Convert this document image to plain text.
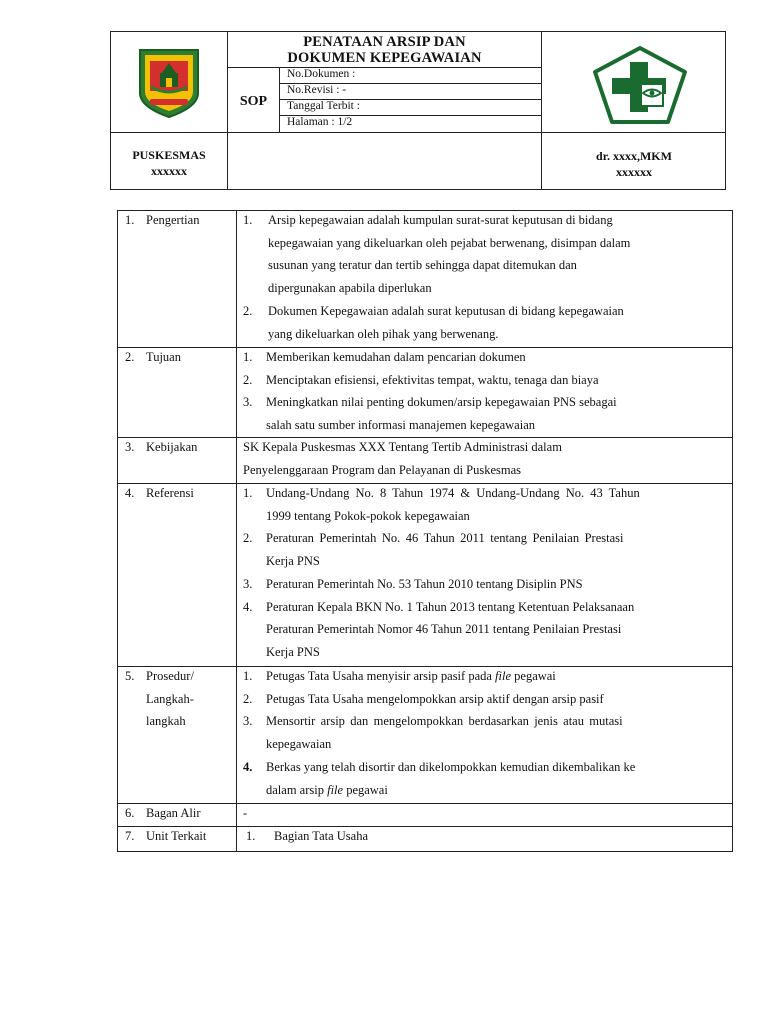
PENATAAN ARSIP DAN
DOKUMEN KEPEGAWAIAN
SOP
No.Dokumen :
No.Revisi : -
Tanggal Terbit :
Halaman : 1/2
PUSKESMAS
xxxxxx
dr. xxxx,MKM
xxxxxx
1. Pengertian	1.	Arsip kepegawaian adalah kumpulan surat-surat keputusan di bidang
kepegawaian yang dikeluarkan oleh pejabat berwenang, disimpan dalam
susunan yang teratur dan tertib sehingga dapat ditemukan dan
dipergunakan apabila diperlukan
2.	Dokumen Kepegawaian adalah surat keputusan di bidang kepegawaian
yang dikeluarkan oleh pihak yang berwenang.
2. Tujuan	1.	Memberikan kemudahan dalam pencarian dokumen
2.	Menciptakan efisiensi, efektivitas tempat, waktu, tenaga dan biaya
3.	Meningkatkan nilai penting dokumen/arsip kepegawaian PNS sebagai
salah satu sumber informasi manajemen kepegawaian
3. Kebijakan	SK Kepala Puskesmas XXX Tentang Tertib Administrasi dalam
Penyelenggaraan Program dan Pelayanan di Puskesmas
4. Referensi	1.	Undang-Undang No. 8 Tahun 1974 & Undang-Undang No. 43 Tahun
1999 tentang Pokok-pokok kepegawaian
2.	Peraturan Pemerintah No. 46 Tahun 2011 tentang Penilaian Prestasi
Kerja PNS
3.	Peraturan Pemerintah No. 53 Tahun 2010 tentang Disiplin PNS
4.	Peraturan Kepala BKN No. 1 Tahun 2013 tentang Ketentuan Pelaksanaan
Peraturan Pemerintah Nomor 46 Tahun 2011 tentang Penilaian Prestasi
Kerja PNS
5. Prosedur/
Langkah-
langkah
1.	Petugas Tata Usaha menyisir arsip pasif pada file pegawai
2.	Petugas Tata Usaha mengelompokkan arsip aktif dengan arsip pasif
3.	Mensortir arsip dan mengelompokkan berdasarkan jenis atau mutasi
kepegawaian
4.	Berkas yang telah disortir dan dikelompokkan kemudian dikembalikan ke
dalam arsip file pegawai
6. Bagan Alir	-
7. Unit Terkait	1. Bagian Tata Usaha
